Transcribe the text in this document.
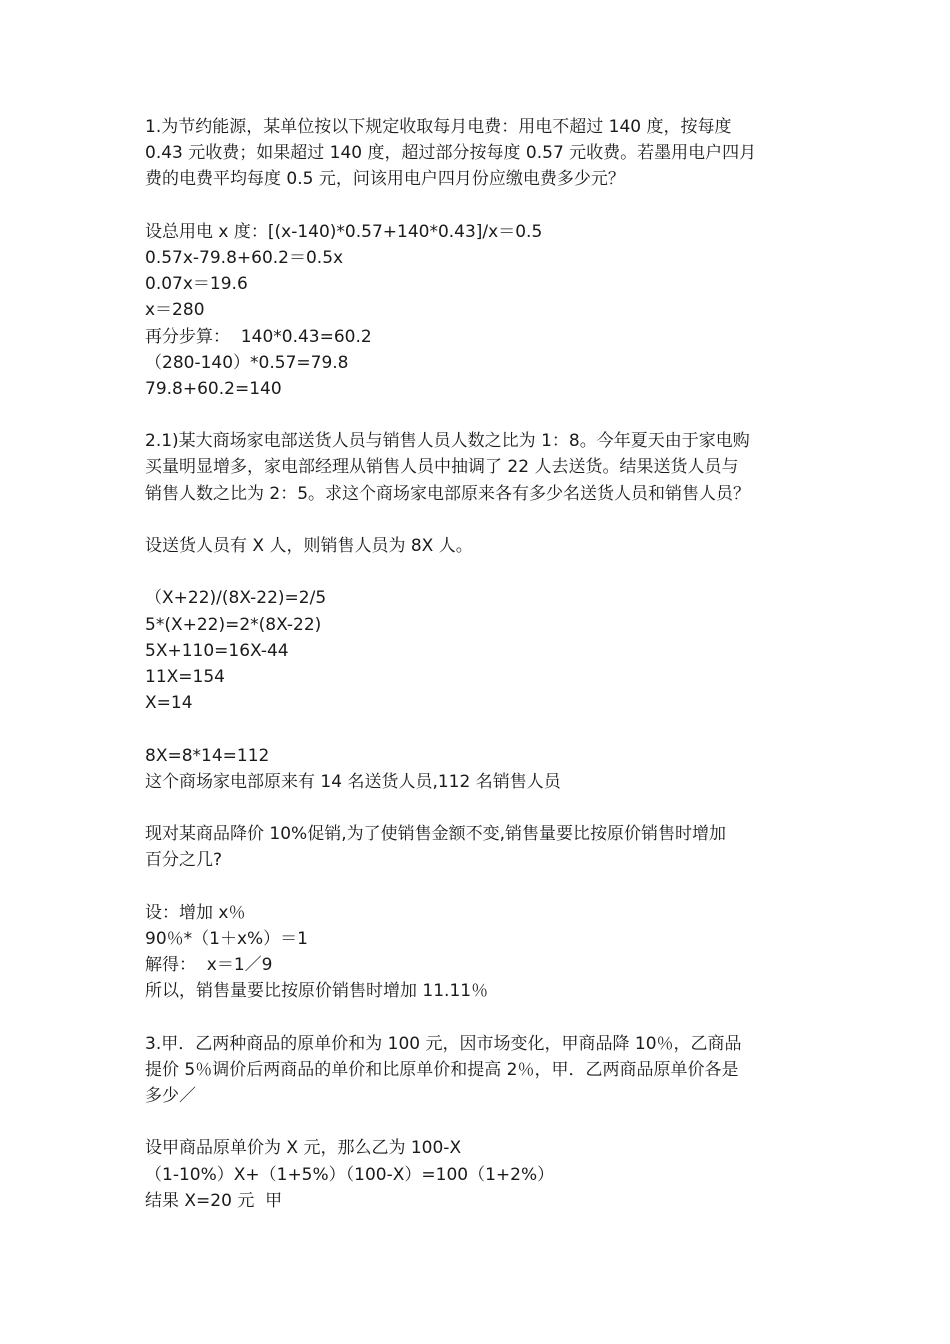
1.为节约能源，某单位按以下规定收取每月电费：用电不超过 140 度，按每度
0.43 元收费；如果超过 140 度，超过部分按每度 0.57 元收费。若墨用电户四月
费的电费平均每度 0.5 元，问该用电户四月份应缴电费多少元？
设总用电 x 度：[(x-140)*0.57+140*0.43]/x＝0.5
0.57x-79.8+60.2＝0.5x
0.07x＝19.6
x＝280
再分步算：  140*0.43=60.2
（280-140）*0.57=79.8
79.8+60.2=140
2.1)某大商场家电部送货人员与销售人员人数之比为 1：8。今年夏天由于家电购
买量明显增多，家电部经理从销售人员中抽调了 22 人去送货。结果送货人员与
销售人数之比为 2：5。求这个商场家电部原来各有多少名送货人员和销售人员？
设送货人员有 X 人，则销售人员为 8X 人。
（X+22)/(8X-22)=2/5
5*(X+22)=2*(8X-22)
5X+110=16X-44
11X=154
X=14
8X=8*14=112
这个商场家电部原来有 14 名送货人员,112 名销售人员
现对某商品降价 10%促销,为了使销售金额不变,销售量要比按原价销售时增加
百分之几?
设：增加 x％
90％*（1＋x%）＝1
解得：  x＝1／9
所以，销售量要比按原价销售时增加 11.11％
3.甲．乙两种商品的原单价和为 100 元，因市场变化，甲商品降 10％，乙商品
提价 5％调价后两商品的单价和比原单价和提高 2％，甲．乙两商品原单价各是
多少／
设甲商品原单价为 X 元，那么乙为 100-X
（1-10%）X+（1+5%）（100-X）=100（1+2%）
结果 X=20 元  甲
